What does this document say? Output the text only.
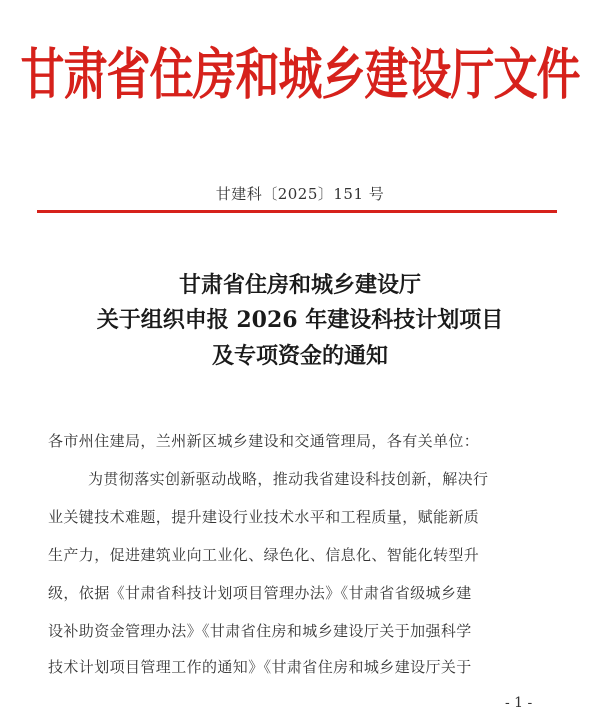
甘肃省住房和城乡建设厅文件
甘建科〔2025〕151 号
甘肃省住房和城乡建设厅
关于组织申报 2026 年建设科技计划项目
及专项资金的通知
各市州住建局，兰州新区城乡建设和交通管理局，各有关单位：
为贯彻落实创新驱动战略，推动我省建设科技创新，解决行
业关键技术难题，提升建设行业技术水平和工程质量，赋能新质
生产力，促进建筑业向工业化、绿色化、信息化、智能化转型升
级，依据《甘肃省科技计划项目管理办法》《甘肃省省级城乡建
设补助资金管理办法》《甘肃省住房和城乡建设厅关于加强科学
技术计划项目管理工作的通知》《甘肃省住房和城乡建设厅关于
- 1 -
